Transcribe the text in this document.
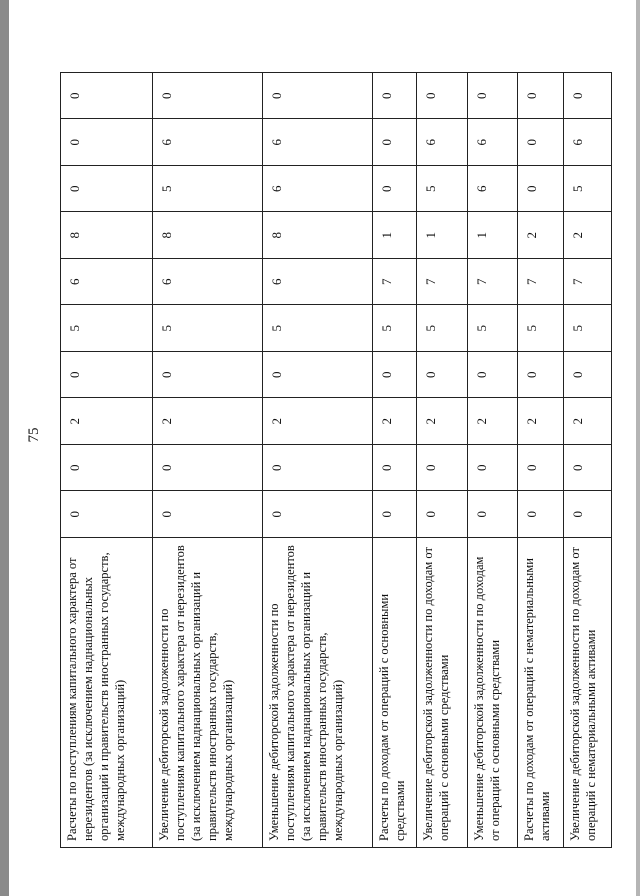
75
Расчеты по поступлениям капитального характера от нерезидентов (за исключением наднациональных организаций и правительств иностранных государств, международных организаций)	0	0	2	0	5	6	8	0	0	0
Увеличение дебиторской задолженности по поступлениям капитального характера от нерезидентов (за исключением наднациональных организаций и правительств иностранных государств, международных организаций)	0	0	2	0	5	6	8	5	6	0
Уменьшение дебиторской задолженности по поступлениям капитального характера от нерезидентов (за исключением наднациональных организаций и правительств иностранных государств, международных организаций)	0	0	2	0	5	6	8	6	6	0
Расчеты по доходам от операций с основными средствами	0	0	2	0	5	7	1	0	0	0
Увеличение дебиторской задолженности по доходам от операций с основными средствами	0	0	2	0	5	7	1	5	6	0
Уменьшение дебиторской задолженности по доходам от операций с основными средствами	0	0	2	0	5	7	1	6	6	0
Расчеты по доходам от операций с нематериальными активами	0	0	2	0	5	7	2	0	0	0
Увеличение дебиторской задолженности по доходам от операций с нематериальными активами	0	0	2	0	5	7	2	5	6	0
